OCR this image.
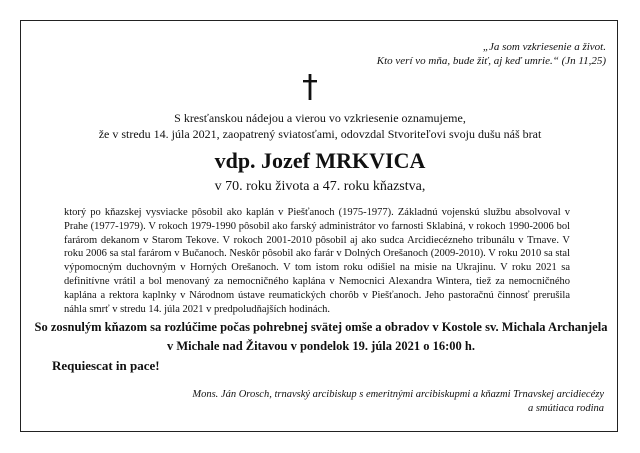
„Ja som vzkriesenie a život.
Kto verí vo mňa, bude žiť, aj keď umrie.“ (Jn 11,25)
S kresťanskou nádejou a vierou vo vzkriesenie oznamujeme,
že v stredu 14. júla 2021, zaopatrený sviatosťami, odovzdal Stvoriteľovi svoju dušu náš brat
vdp. Jozef MRKVICA
v 70. roku života a 47. roku kňazstva,
ktorý po kňazskej vysviacke pôsobil ako kaplán v Piešťanoch (1975-1977). Základnú vojenskú službu absolvoval v Prahe (1977-1979). V rokoch 1979-1990 pôsobil ako farský administrátor vo farnosti Sklabiná, v rokoch 1990-2006 bol farárom dekanom v Starom Tekove. V rokoch 2001-2010 pôsobil aj ako sudca Arcidiecézneho tribunálu v Trnave. V roku 2006 sa stal farárom v Bučanoch. Neskôr pôsobil ako farár v Dolných Orešanoch (2009-2010). V roku 2010 sa stal výpomocným duchovným v Horných Orešanoch. V tom istom roku odišiel na misie na Ukrajinu. V roku 2021 sa definitívne vrátil a bol menovaný za nemocničného kaplána v Nemocnici Alexandra Wintera, tiež za nemocničného kaplána a rektora kaplnky v Národnom ústave reumatických chorôb v Piešťanoch. Jeho pastoračnú činnosť prerušila náhla smrť v stredu 14. júla 2021 v predpoludňajších hodinách.
So zosnulým kňazom sa rozlúčime počas pohrebnej svätej omše a obradov v Kostole sv. Michala Archanjela
v Michale nad Žitavou v pondelok 19. júla 2021 o 16:00 h.
Requiescat in pace!
Mons. Ján Orosch, trnavský arcibiskup s emeritnými arcibiskupmi a kňazmi Trnavskej arcidiecézy
a smútiaca rodina
